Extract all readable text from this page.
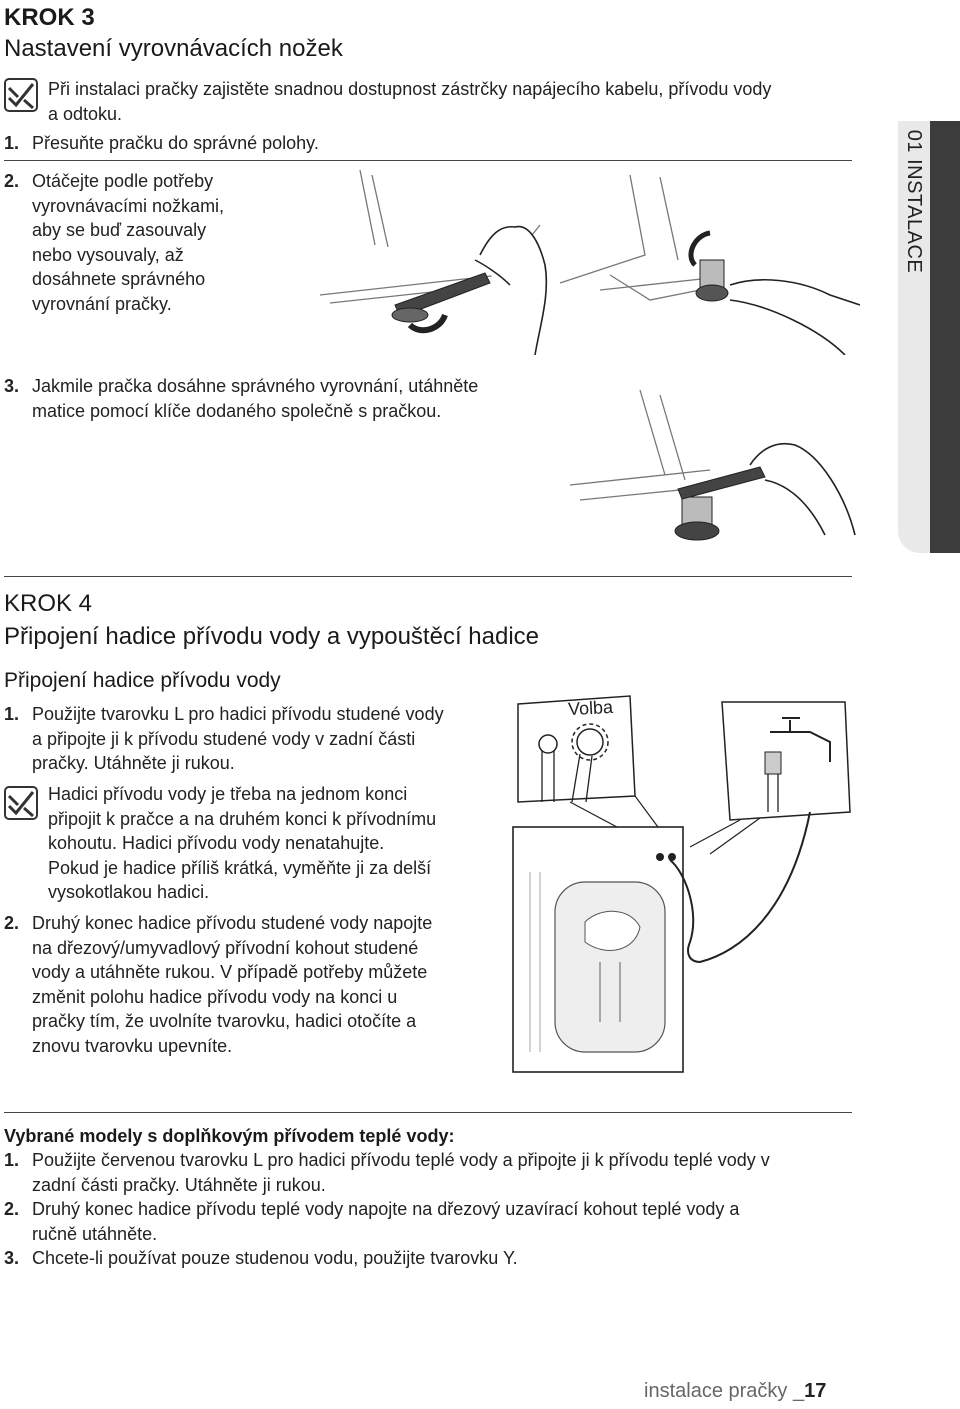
KROK 3
Nastavení vyrovnávacích nožek
Při instalaci pračky zajistěte snadnou dostupnost zástrčky napájecího kabelu, přívodu vody
a odtoku.
1. Přesuňte pračku do správné polohy.
2. Otáčejte podle potřeby
vyrovnávacími nožkami,
aby se buď zasouvaly
nebo vysouvaly, až
dosáhnete správného
vyrovnání pračky.
01 INSTALACE
3. Jakmile pračka dosáhne správného vyrovnání, utáhněte
matice pomocí klíče dodaného společně s pračkou.
KROK 4
Připojení hadice přívodu vody a vypouštěcí hadice
Připojení hadice přívodu vody
1. Použijte tvarovku L pro hadici přívodu studené vody
a připojte ji k přívodu studené vody v zadní části
pračky. Utáhněte ji rukou.
Hadici přívodu vody je třeba na jednom konci
připojit k pračce a na druhém konci k přívodnímu
kohoutu. Hadici přívodu vody nenatahujte.
Pokud je hadice příliš krátká, vyměňte ji za delší
vysokotlakou hadici.
2. Druhý konec hadice přívodu studené vody napojte
na dřezový/umyvadlový přívodní kohout studené
vody a utáhněte rukou. V případě potřeby můžete
změnit polohu hadice přívodu vody na konci u
pračky tím, že uvolníte tvarovku, hadici otočíte a
znovu tvarovku upevníte.
Volba
Vybrané modely s doplňkovým přívodem teplé vody:
1. Použijte červenou tvarovku L pro hadici přívodu teplé vody a připojte ji k přívodu teplé vody v
zadní části pračky. Utáhněte ji rukou.
2. Druhý konec hadice přívodu teplé vody napojte na dřezový uzavírací kohout teplé vody a
ručně utáhněte.
3. Chcete-li používat pouze studenou vodu, použijte tvarovku Y.
instalace pračky _17
